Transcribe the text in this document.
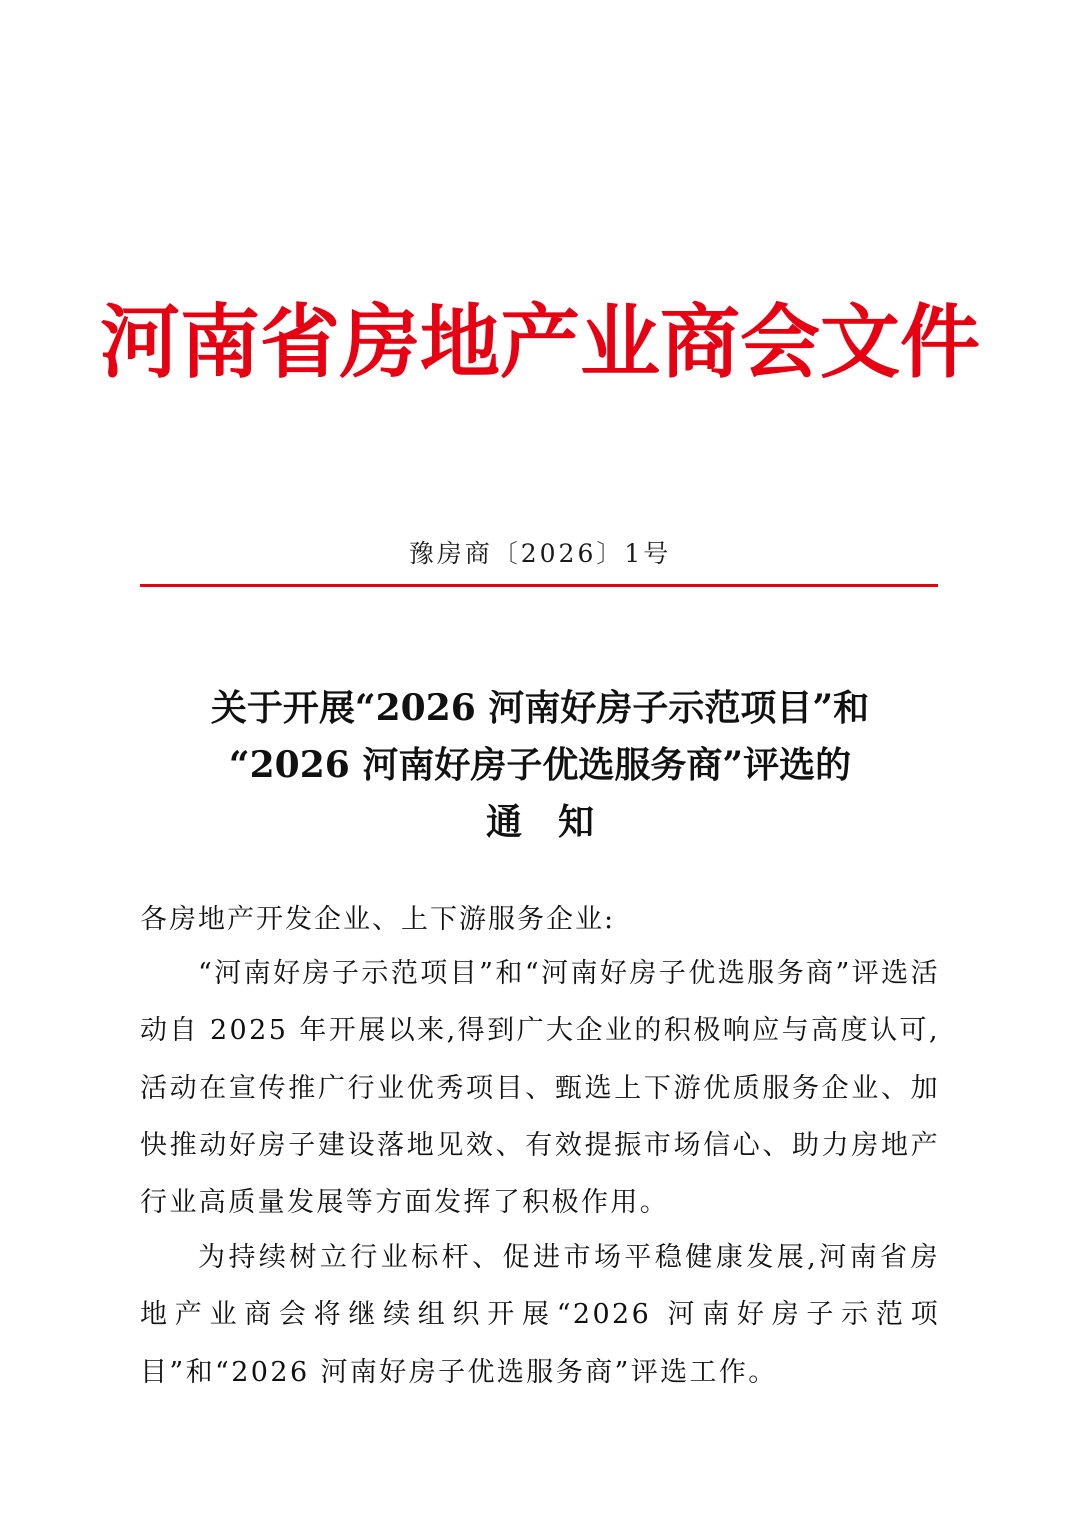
河南省房地产业商会文件
豫房商〔2026〕1号
关于开展“2026 河南好房子示范项目”和
“2026 河南好房子优选服务商”评选的
通知
各房地产开发企业、上下游服务企业:
“河南好房子示范项目”和“河南好房子优选服务商”评选活动自 2025 年开展以来,得到广大企业的积极响应与高度认可,活动在宣传推广行业优秀项目、甄选上下游优质服务企业、加快推动好房子建设落地见效、有效提振市场信心、助力房地产行业高质量发展等方面发挥了积极作用。
为持续树立行业标杆、促进市场平稳健康发展,河南省房地产业商会将继续组织开展“2026 河南好房子示范项目”和“2026 河南好房子优选服务商”评选工作。
